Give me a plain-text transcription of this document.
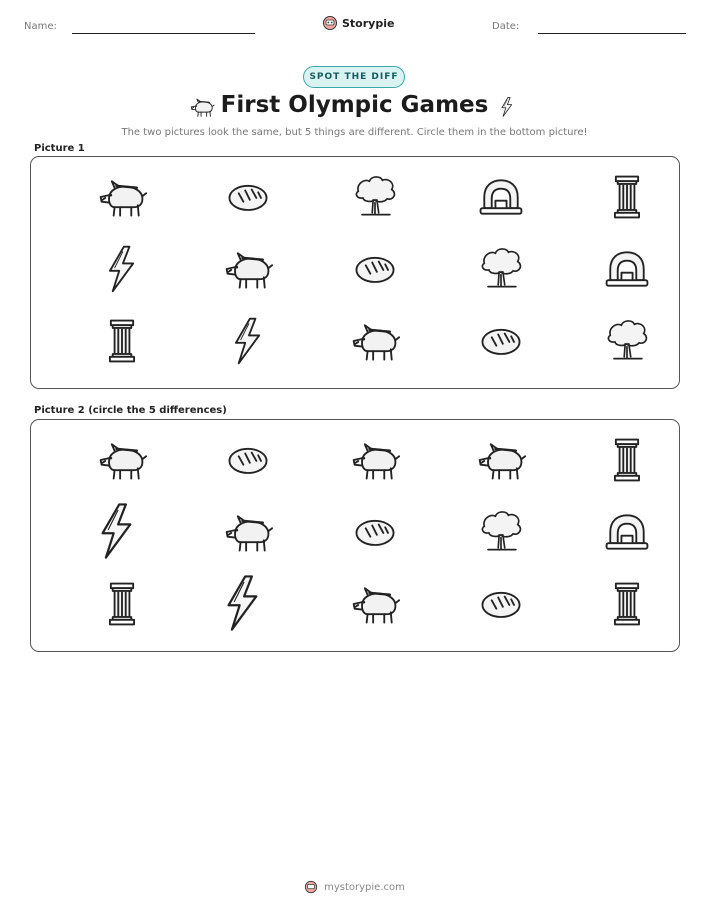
Name:	Storypie	Date:
SPOT THE DIFF
First Olympic Games
The two pictures look the same, but 5 things are different. Circle them in the bottom picture!
Picture 1
Picture 2 (circle the 5 differences)
mystorypie.com
